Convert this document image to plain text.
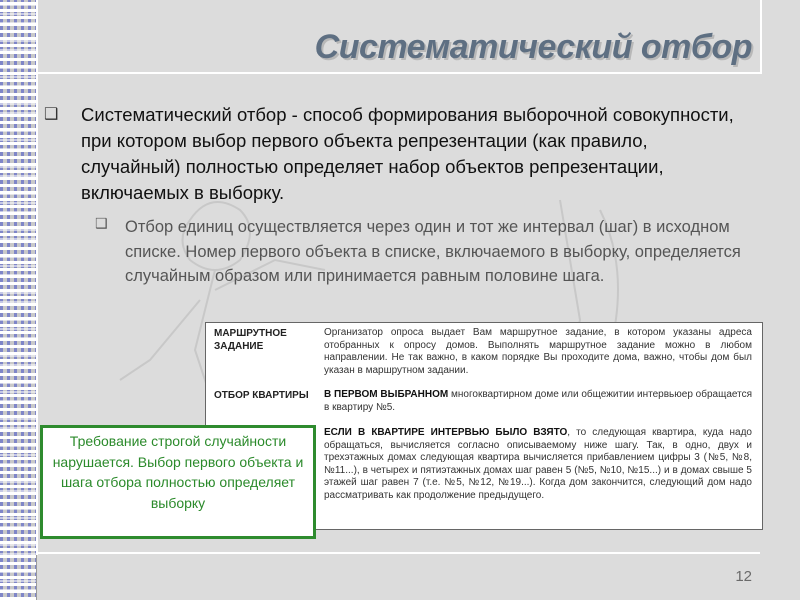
Систематический отбор
❑ Систематический отбор - способ формирования выборочной совокупности, при котором выбор первого объекта репрезентации (как правило, случайный) полностью определяет набор объектов репрезентации, включаемых в выборку.
❑ Отбор единиц осуществляется через один и тот же интервал (шаг) в исходном списке. Номер первого объекта в списке, включаемого в выборку, определяется случайным образом или принимается равным половине шага.
МАРШРУТНОЕ ЗАДАНИЕ
Организатор опроса выдает Вам маршрутное задание, в котором указаны адреса отобранных к опросу домов. Выполнять маршрутное задание можно в любом направлении. Не так важно, в каком порядке Вы проходите дома, важно, чтобы дом был указан в маршрутном задании.
ОТБОР КВАРТИРЫ	В ПЕРВОМ ВЫБРАННОМ многоквартирном доме или общежитии интервьюер обращается в квартиру №5.
ЕСЛИ В КВАРТИРЕ ИНТЕРВЬЮ БЫЛО ВЗЯТО, то следующая квартира, куда надо обращаться, вычисляется согласно описываемому ниже шагу. Так, в одно, двух и трехэтажных домах следующая квартира вычисляется прибавлением цифры 3 (№5, №8, №11...), в четырех и пятиэтажных домах шаг равен 5 (№5, №10, №15...) и в домах свыше 5 этажей шаг равен 7 (т.е. №5, №12, №19...). Когда дом закончится, следующий дом надо рассматривать как продолжение предыдущего.
Требование строгой случайности нарушается. Выбор первого объекта и шага отбора полностью определяет выборку
12
